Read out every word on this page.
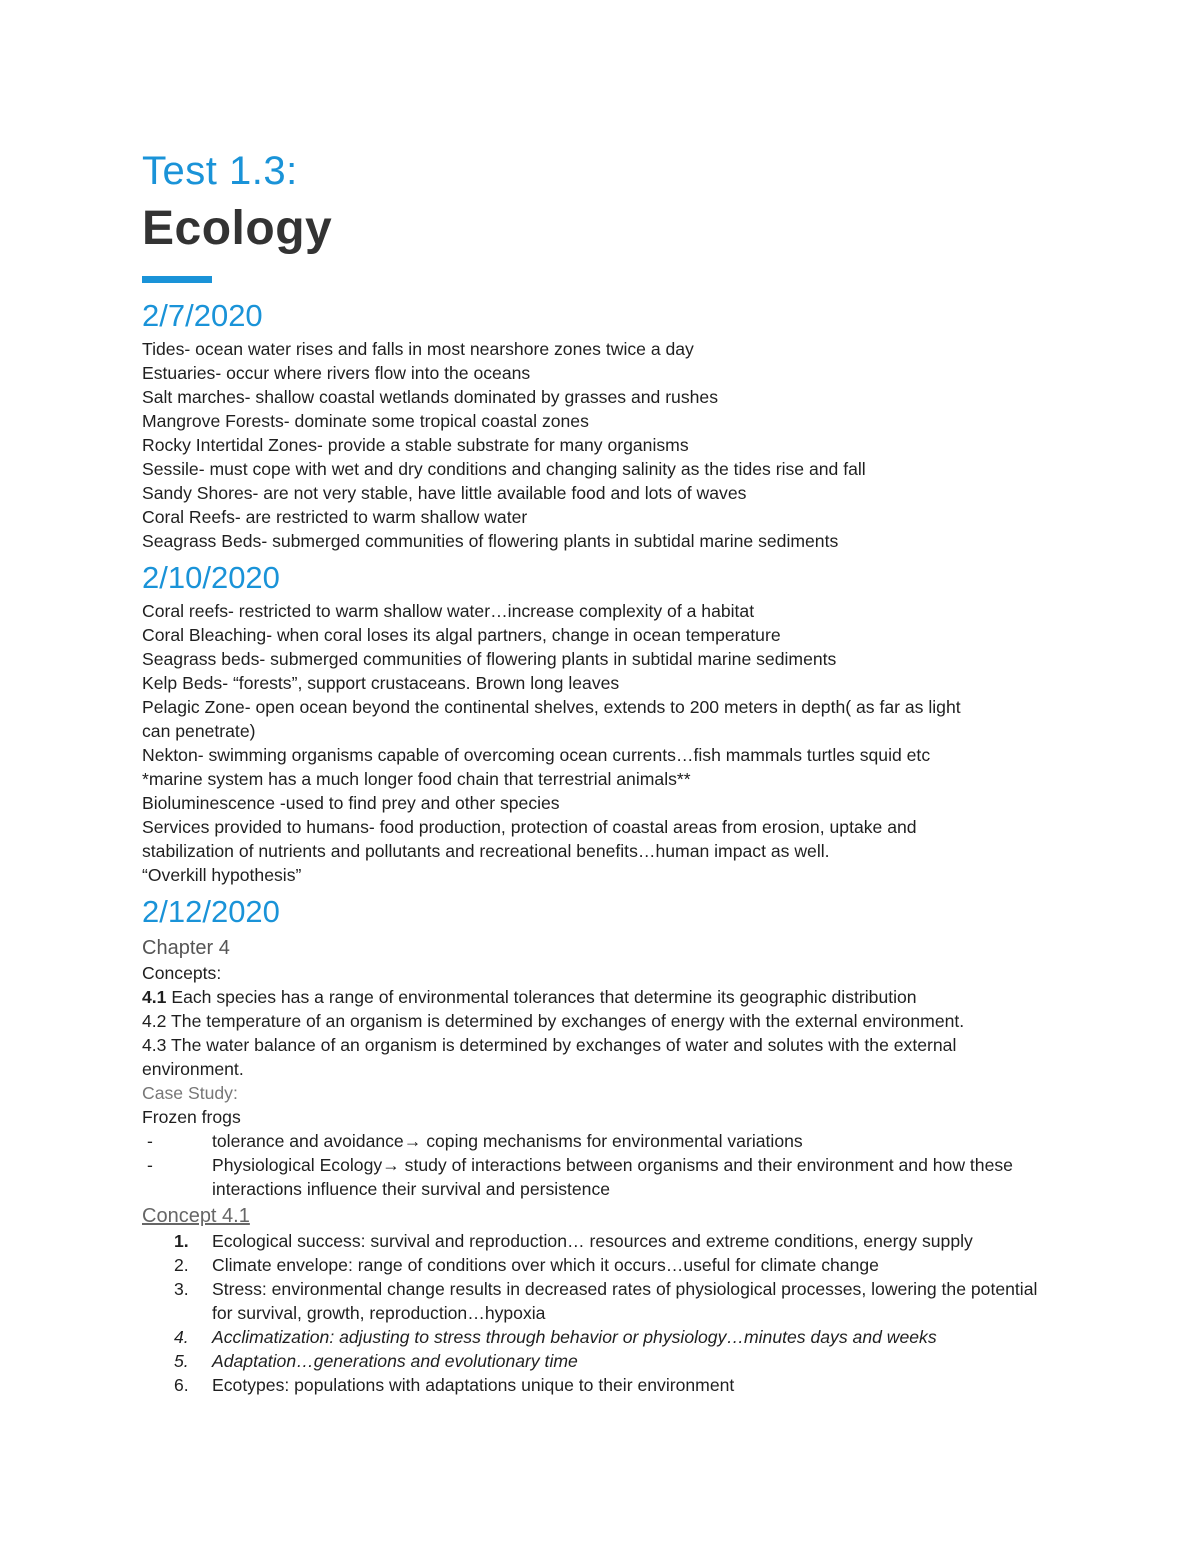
Test 1.3:
Ecology
2/7/2020
Tides- ocean water rises and falls in most nearshore zones twice a day
Estuaries- occur where rivers flow into the oceans
Salt marches- shallow coastal wetlands dominated by grasses and rushes
Mangrove Forests- dominate some tropical coastal zones
Rocky Intertidal Zones- provide a stable substrate for many organisms
Sessile- must cope with wet and dry conditions and changing salinity as the tides rise and fall
Sandy Shores- are not very stable, have little available food and lots of waves
Coral Reefs- are restricted to warm shallow water
Seagrass Beds- submerged communities of flowering plants in subtidal marine sediments
2/10/2020
Coral reefs- restricted to warm shallow water…increase complexity of a habitat
Coral Bleaching- when coral loses its algal partners, change in ocean temperature
Seagrass beds- submerged communities of flowering plants in subtidal marine sediments
Kelp Beds- “forests”, support crustaceans. Brown long leaves
Pelagic Zone- open ocean beyond the continental shelves, extends to 200 meters in depth( as far as light
can penetrate)
Nekton- swimming organisms capable of overcoming ocean currents…fish mammals turtles squid etc
*marine system has a much longer food chain that terrestrial animals**
Bioluminescence -used to find prey and other species
Services provided to humans- food production, protection of coastal areas from erosion, uptake and
stabilization of nutrients and pollutants and recreational benefits…human impact as well.
“Overkill hypothesis”
2/12/2020
Chapter 4
Concepts:
4.1 Each species has a range of environmental tolerances that determine its geographic distribution
4.2 The temperature of an organism is determined by exchanges of energy with the external environment.
4.3 The water balance of an organism is determined by exchanges of water and solutes with the external
environment.
Case Study:
Frozen frogs
-	tolerance and avoidance→ coping mechanisms for environmental variations
-	Physiological Ecology→ study of interactions between organisms and their environment and how these interactions influence their survival and persistence
Concept 4.1
1. Ecological success: survival and reproduction… resources and extreme conditions, energy supply
2. Climate envelope: range of conditions over which it occurs…useful for climate change
3. Stress: environmental change results in decreased rates of physiological processes, lowering the potential for survival, growth, reproduction…hypoxia
4. Acclimatization: adjusting to stress through behavior or physiology…minutes days and weeks
5. Adaptation…generations and evolutionary time
6. Ecotypes: populations with adaptations unique to their environment
